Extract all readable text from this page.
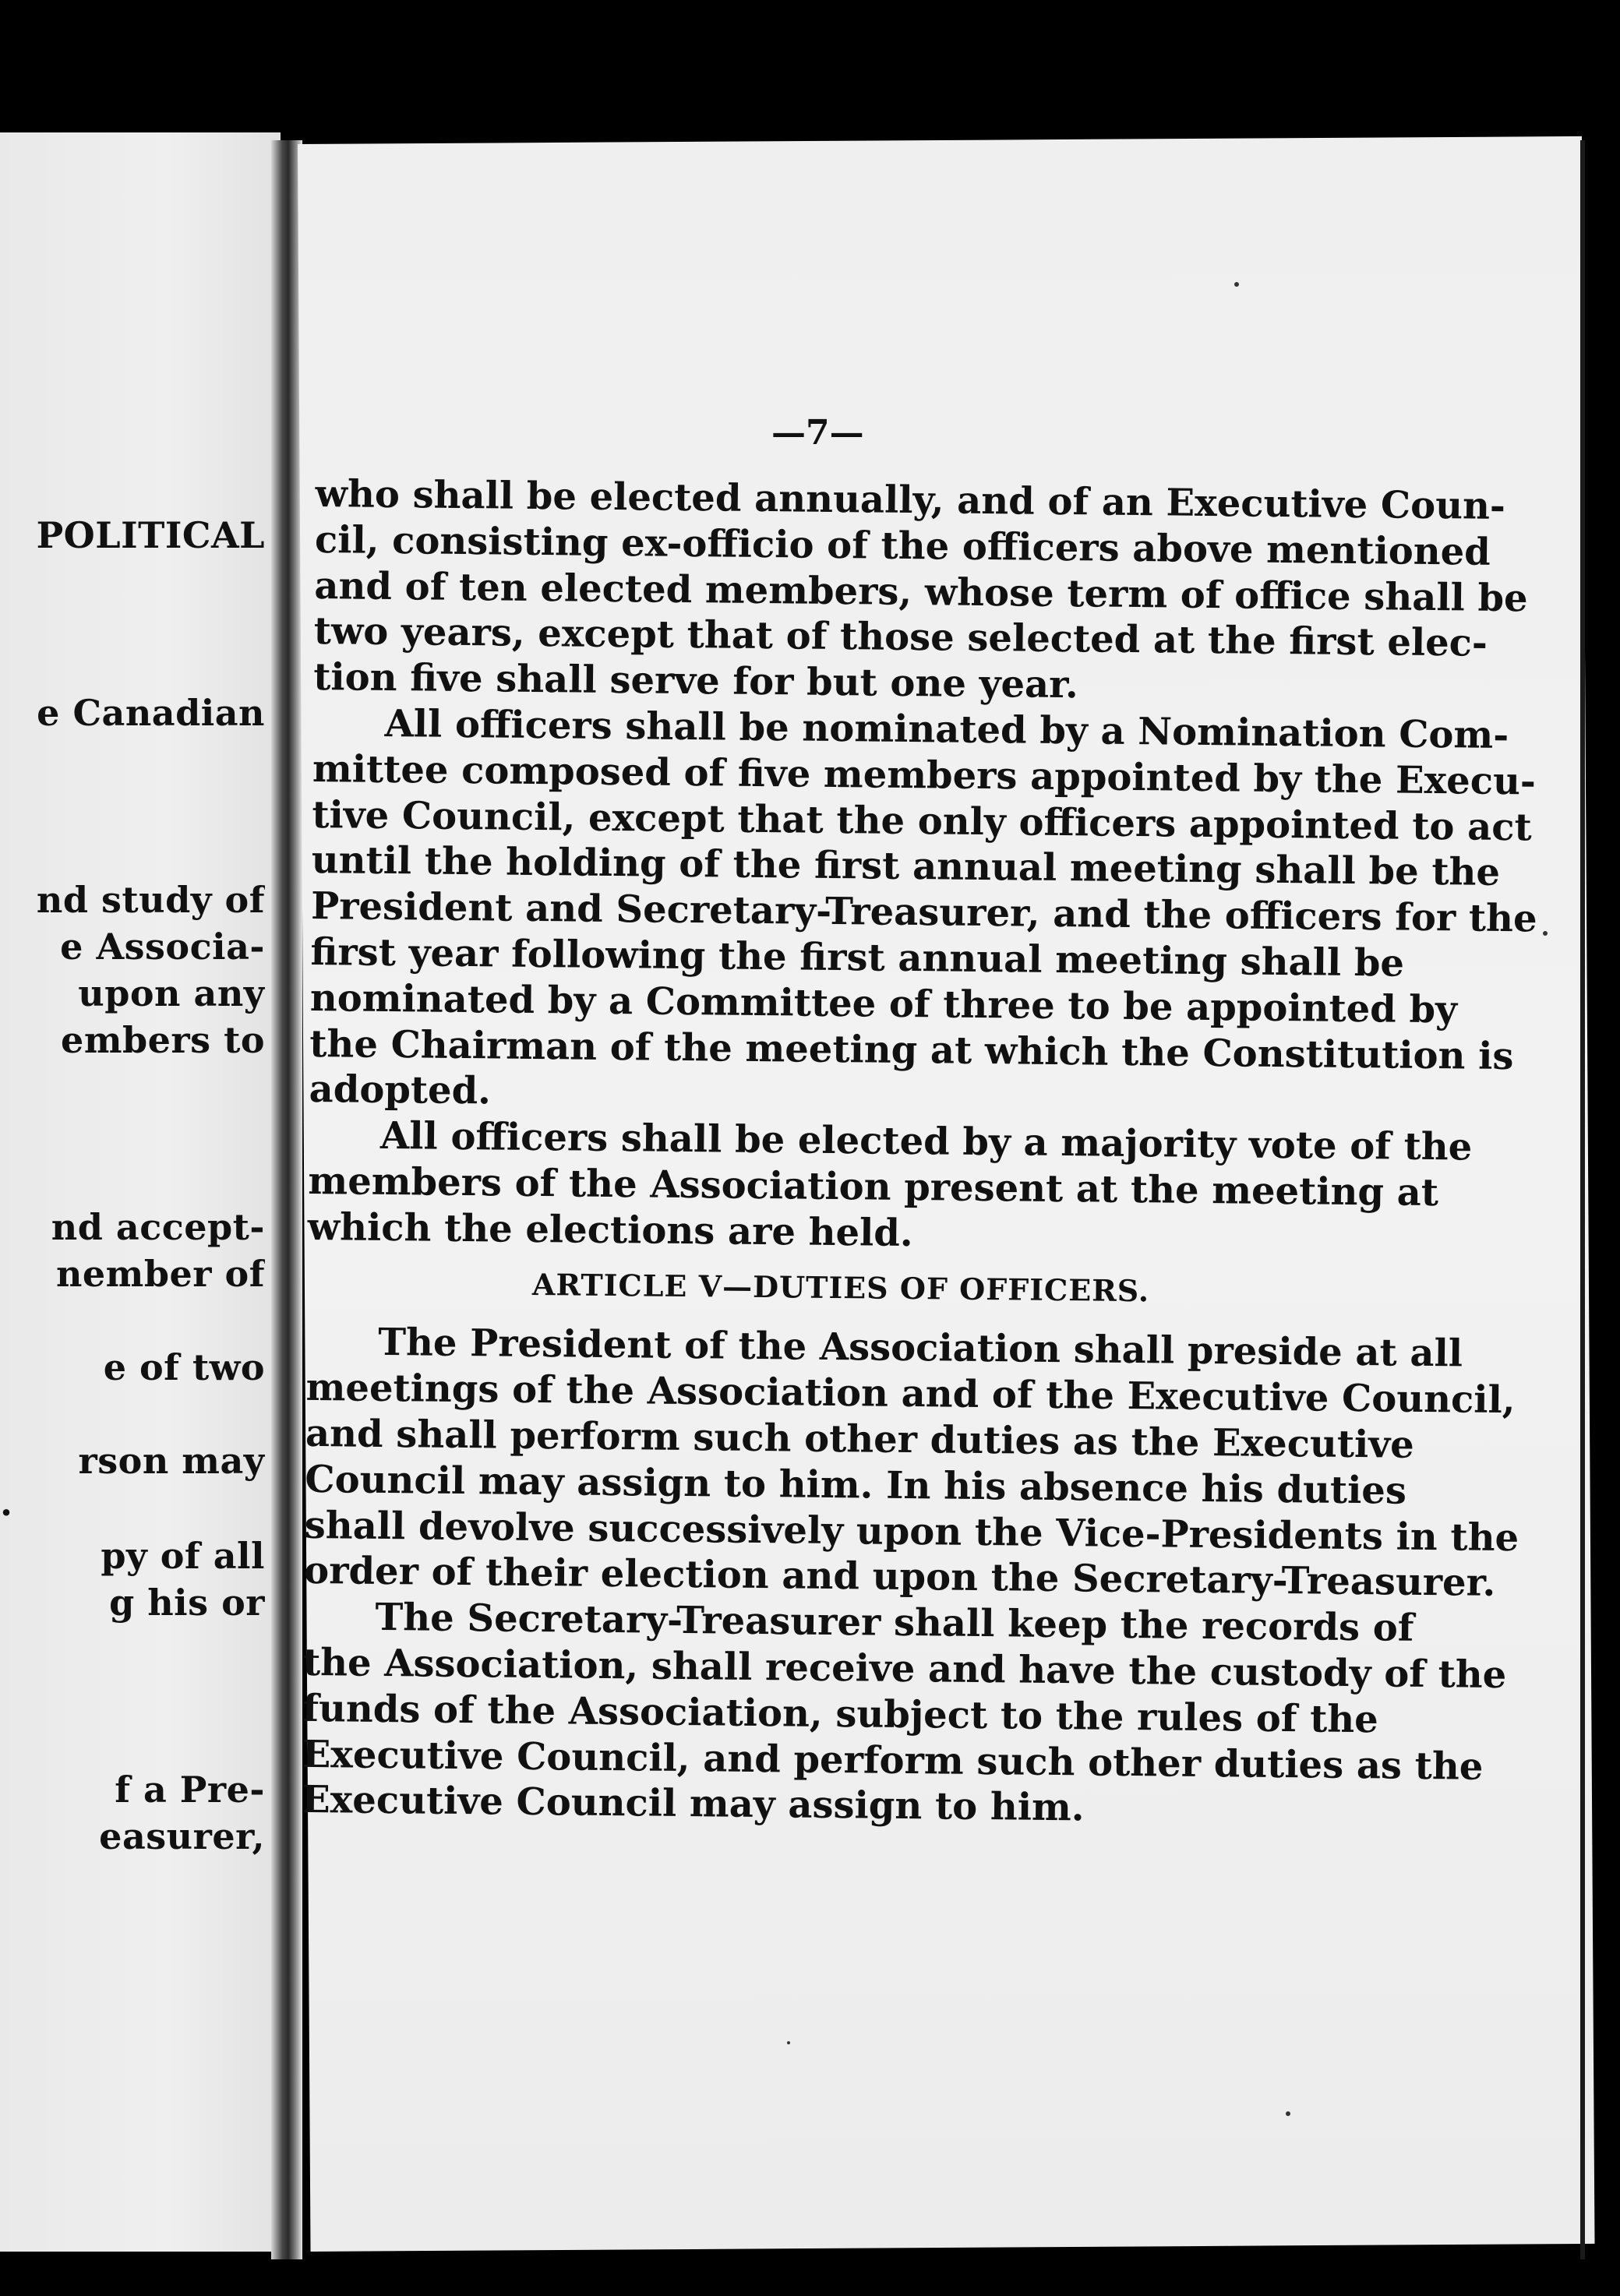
POLITICAL
e Canadian
nd study of
e Associa-
upon any
embers to
nd accept-
nember of
e of two
rson may
.
py of all
g his or
f a Pre-
easurer,
—7—
who shall be elected annually, and of an Executive Coun-
cil, consisting ex-officio of the officers above mentioned
and of ten elected members, whose term of office shall be
two years, except that of those selected at the first elec-
tion five shall serve for but one year.
All officers shall be nominated by a Nomination Com-
mittee composed of five members appointed by the Execu-
tive Council, except that the only officers appointed to act
until the holding of the first annual meeting shall be the
President and Secretary-Treasurer, and the officers for the
first year following the first annual meeting shall be
nominated by a Committee of three to be appointed by
the Chairman of the meeting at which the Constitution is
adopted.
All officers shall be elected by a majority vote of the
members of the Association present at the meeting at
which the elections are held.
ARTICLE V—DUTIES OF OFFICERS.
The President of the Association shall preside at all
meetings of the Association and of the Executive Council,
and shall perform such other duties as the Executive
Council may assign to him. In his absence his duties
shall devolve successively upon the Vice-Presidents in the
order of their election and upon the Secretary-Treasurer.
The Secretary-Treasurer shall keep the records of
the Association, shall receive and have the custody of the
funds of the Association, subject to the rules of the
Executive Council, and perform such other duties as the
Executive Council may assign to him.
